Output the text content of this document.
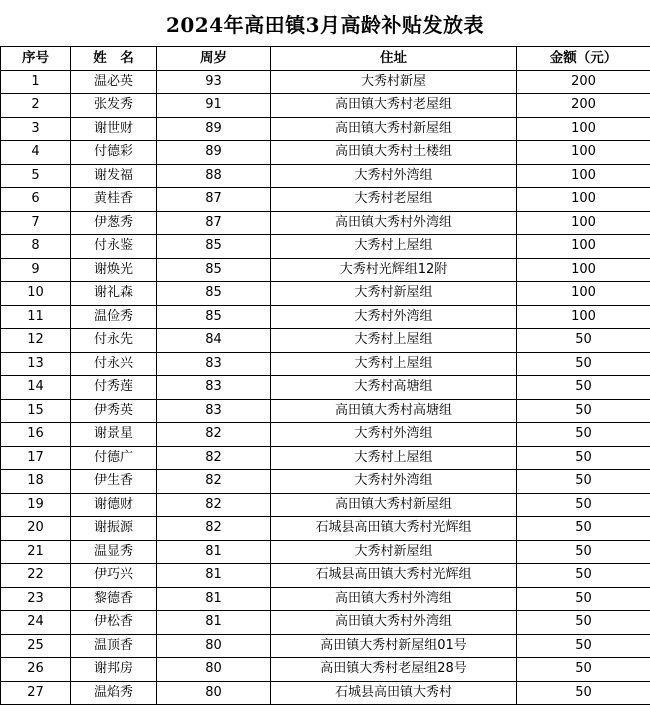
2024年高田镇3月高龄补贴发放表
序号	姓　名	周岁	住址	金额（元）
1	温必英	93	大秀村新屋	200
2	张发秀	91	高田镇大秀村老屋组	200
3	谢世财	89	高田镇大秀村新屋组	100
4	付德彩	89	高田镇大秀村土楼组	100
5	谢发福	88	大秀村外湾组	100
6	黄桂香	87	大秀村老屋组	100
7	伊葱秀	87	高田镇大秀村外湾组	100
8	付永鉴	85	大秀村上屋组	100
9	谢焕光	85	大秀村光辉组12附	100
10	谢礼森	85	大秀村新屋组	100
11	温俭秀	85	大秀村外湾组	100
12	付永先	84	大秀村上屋组	50
13	付永兴	83	大秀村上屋组	50
14	付秀莲	83	大秀村高塘组	50
15	伊秀英	83	高田镇大秀村高塘组	50
16	谢景星	82	大秀村外湾组	50
17	付德广	82	大秀村上屋组	50
18	伊生香	82	大秀村外湾组	50
19	谢德财	82	高田镇大秀村新屋组	50
20	谢振源	82	石城县高田镇大秀村光辉组	50
21	温显秀	81	大秀村新屋组	50
22	伊巧兴	81	石城县高田镇大秀村光辉组	50
23	黎德香	81	高田镇大秀村外湾组	50
24	伊松香	81	高田镇大秀村外湾组	50
25	温顶香	80	高田镇大秀村新屋组01号	50
26	谢邦房	80	高田镇大秀村老屋组28号	50
27	温焰秀	80	石城县高田镇大秀村	50
